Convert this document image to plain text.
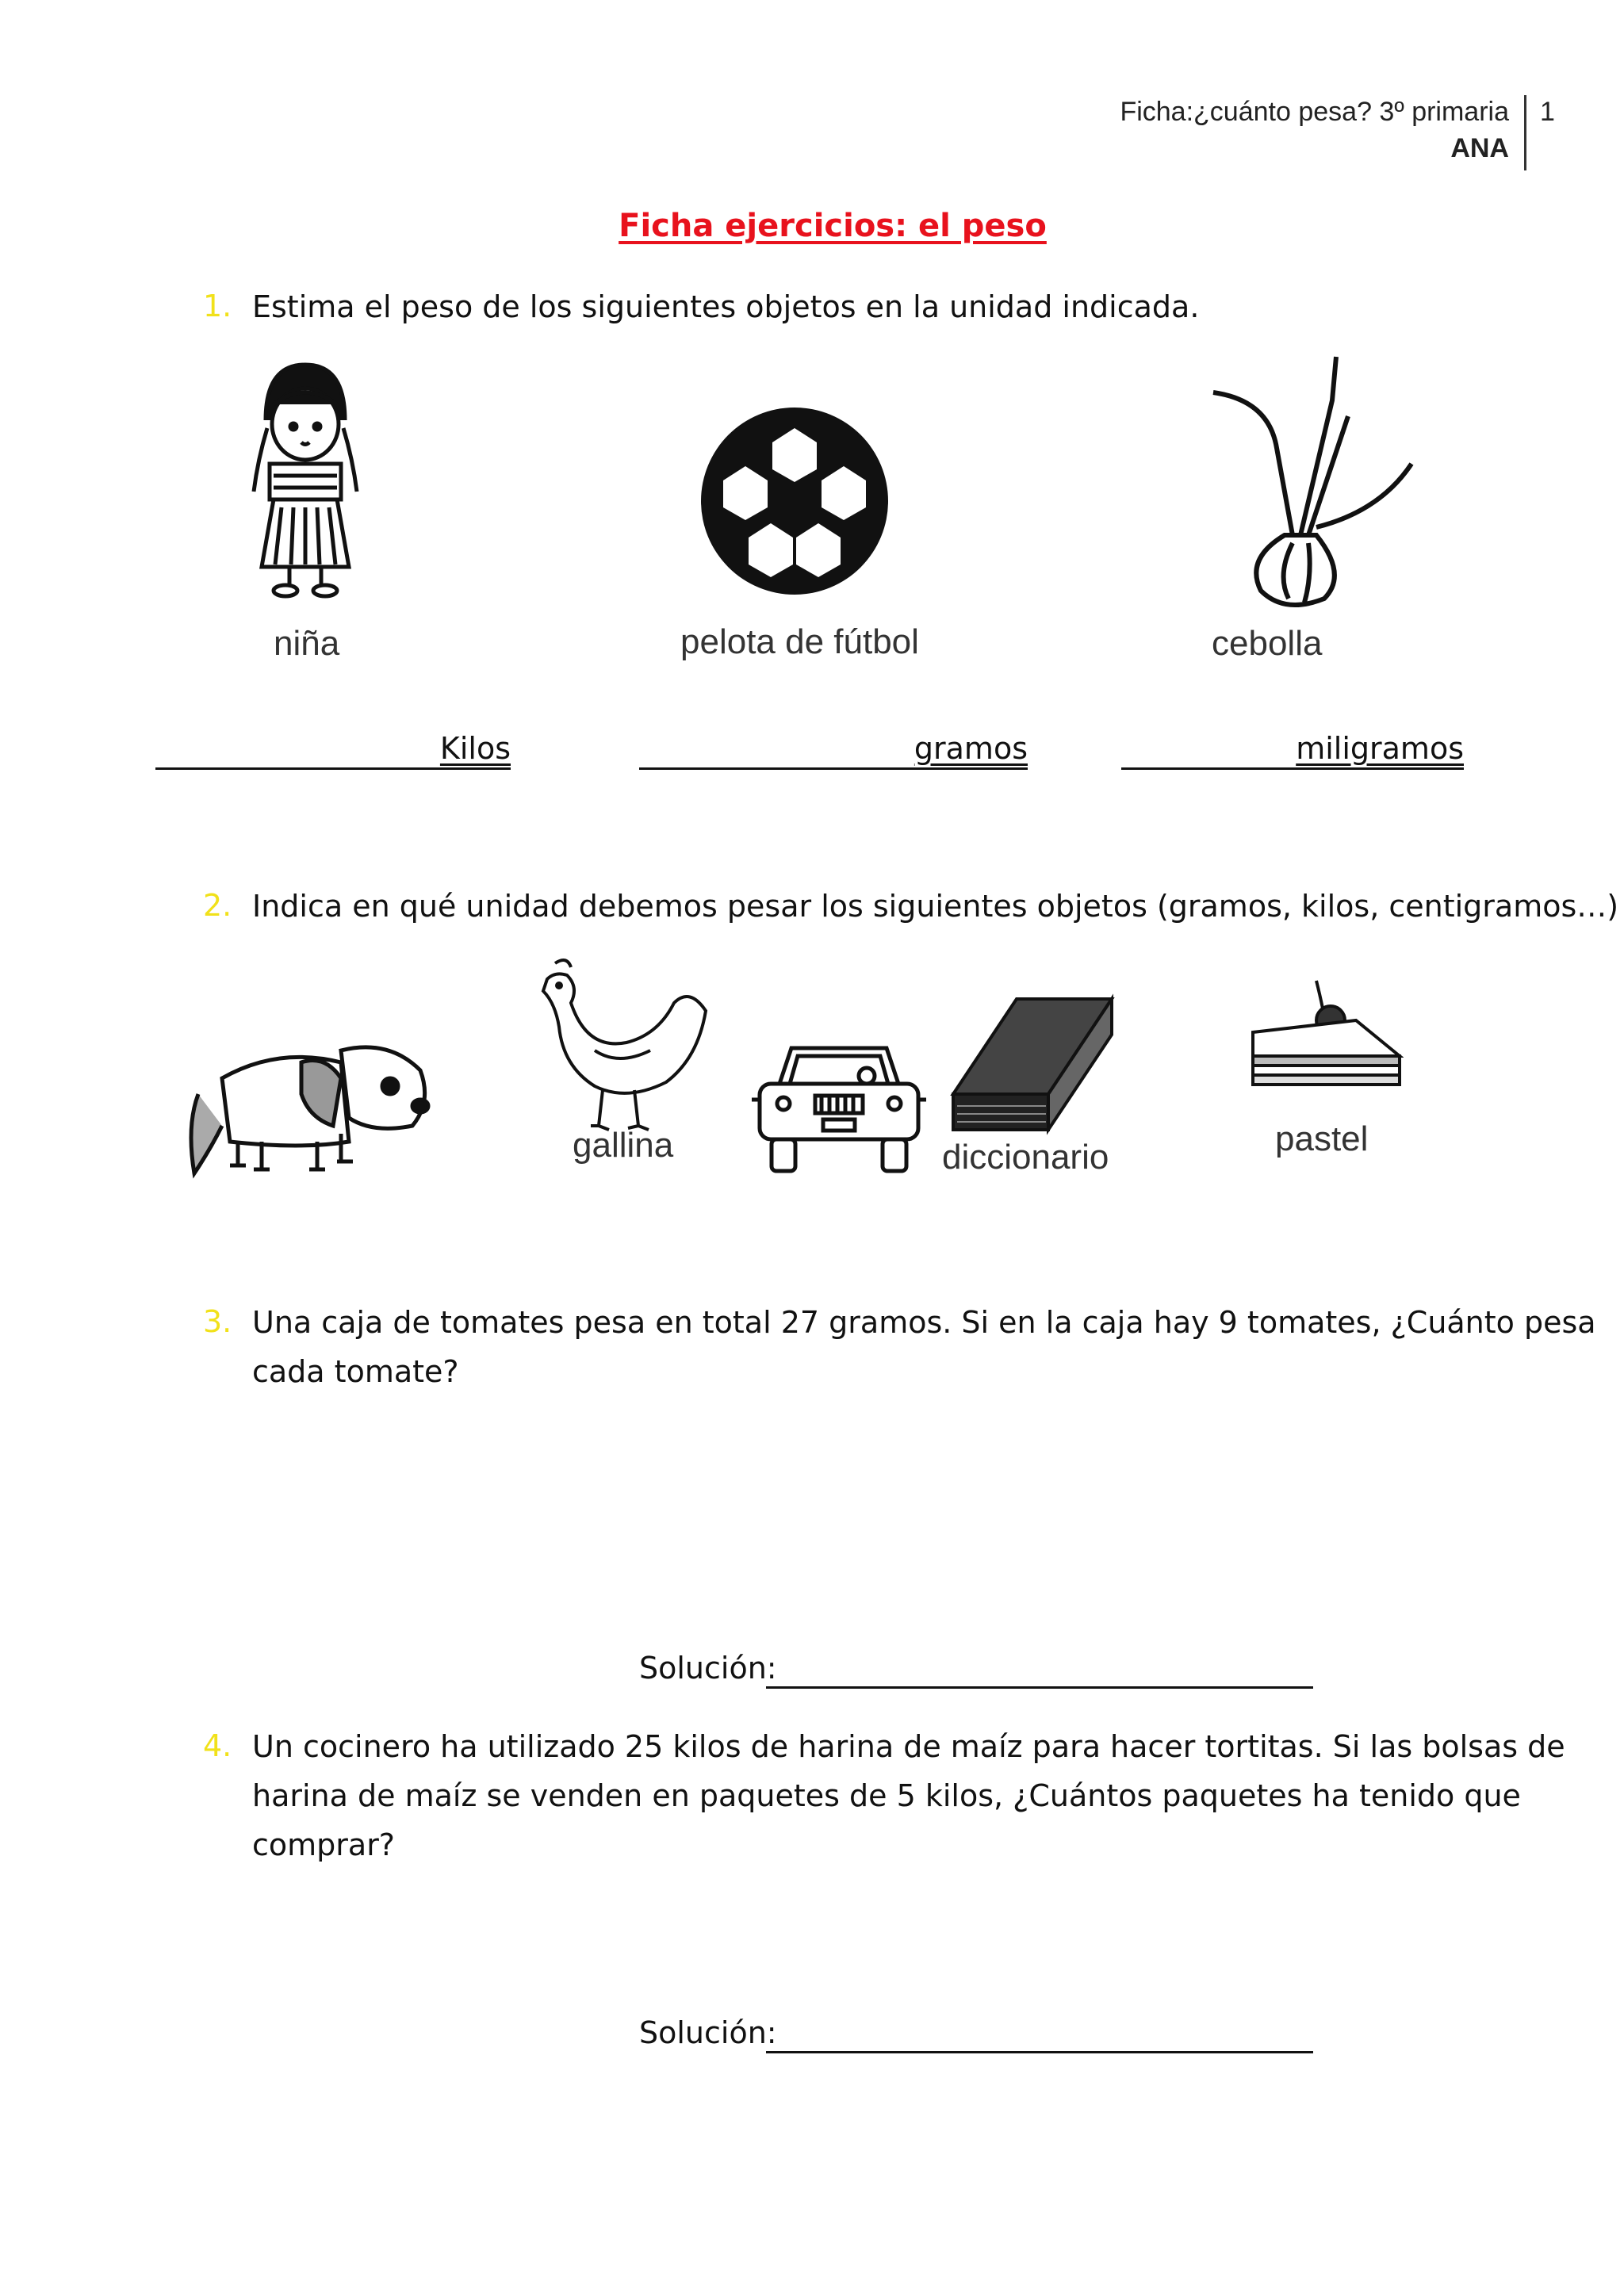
Ficha:¿cuánto pesa? 3º primaria
ANA
1
Ficha ejercicios: el peso
1. Estima el peso de los siguientes objetos en la unidad indicada.
niña	pelota de fútbol	cebolla
Kilos	gramos	miligramos
2. Indica en qué unidad debemos pesar los siguientes objetos (gramos, kilos, centigramos…)
gallina	diccionario	pastel
3. Una caja de tomates pesa en total 27 gramos. Si en la caja hay 9 tomates, ¿Cuánto pesa
cada tomate?
Solución:
4. Un cocinero ha utilizado 25 kilos de harina de maíz para hacer tortitas. Si las bolsas de
harina de maíz se venden en paquetes de 5 kilos, ¿Cuántos paquetes ha tenido que
comprar?
Solución:
